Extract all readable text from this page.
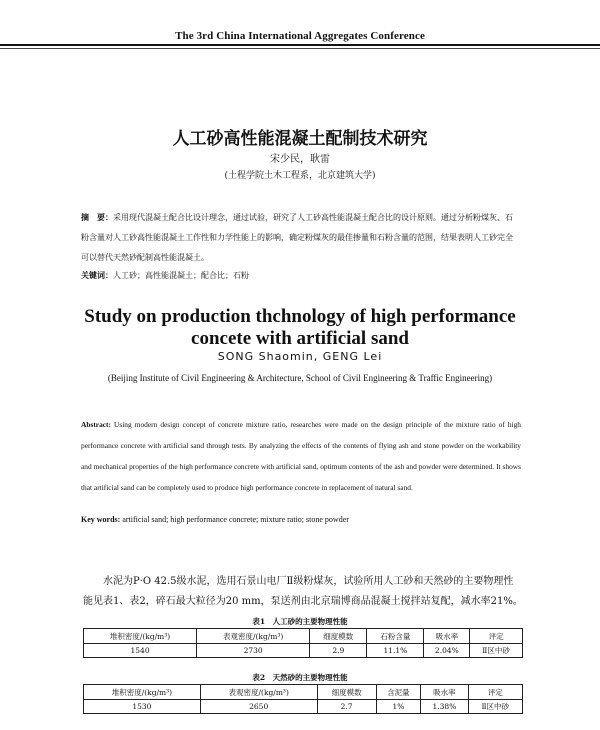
The 3rd China International Aggregates Conference
人工砂高性能混凝土配制技术研究
宋少民，耿雷
(土程学院土木工程系，北京建筑大学)
摘　要：采用现代混凝土配合比设计理念，通过试验，研究了人工砂高性能混凝土配合比的设计原则。通过分析粉煤灰、石粉含量对人工砂高性能混凝土工作性和力学性能上的影响，确定粉煤灰的最佳掺量和石粉含量的范围，结果表明人工砂完全可以替代天然砂配制高性能混凝土。
关键词：人工砂；高性能混凝土；配合比；石粉
Study on production thchnology of high performance concete with artificial sand
SONG Shaomin, GENG Lei
(Beijing Institute of Civil Engineering & Architecture, School of Civil Engineering & Traffic Engineering)
Abstract: Using modern design concept of concrete mixture ratio, researches were made on the design principle of the mixture ratio of high performance concrete with artificial sand through tests. By analyzing the effects of the contents of flying ash and stone powder on the workability and mechanical properties of the high performance concrete with artificial sand, optimum contents of the ash and powder were determined. It shows that artificial sand can be completely used to produce high performance concrete in replacement of natural sand.
Key words: artificial sand; high performance concrete; mixture ratio; stone powder
水泥为P·O 42.5级水泥，选用石景山电厂Ⅱ级粉煤灰，试验所用人工砂和天然砂的主要物理性能见表1、表2，碎石最大粒径为20 mm，泵送剂由北京瑞博商品混凝土搅拌站复配，减水率21%。
表1　人工砂的主要物理性能
堆积密度/(kg/m³)	表观密度/(kg/m³)	细度模数	石粉含量	吸水率	评定
1540	2730	2.9	11.1%	2.04%	Ⅱ区中砂
表2　天然砂的主要物理性能
堆积密度/(kg/m³)	表观密度/(kg/m³)	细度模数	含泥量	吸水率	评定
1530	2650	2.7	1%	1.38%	Ⅱ区中砂
